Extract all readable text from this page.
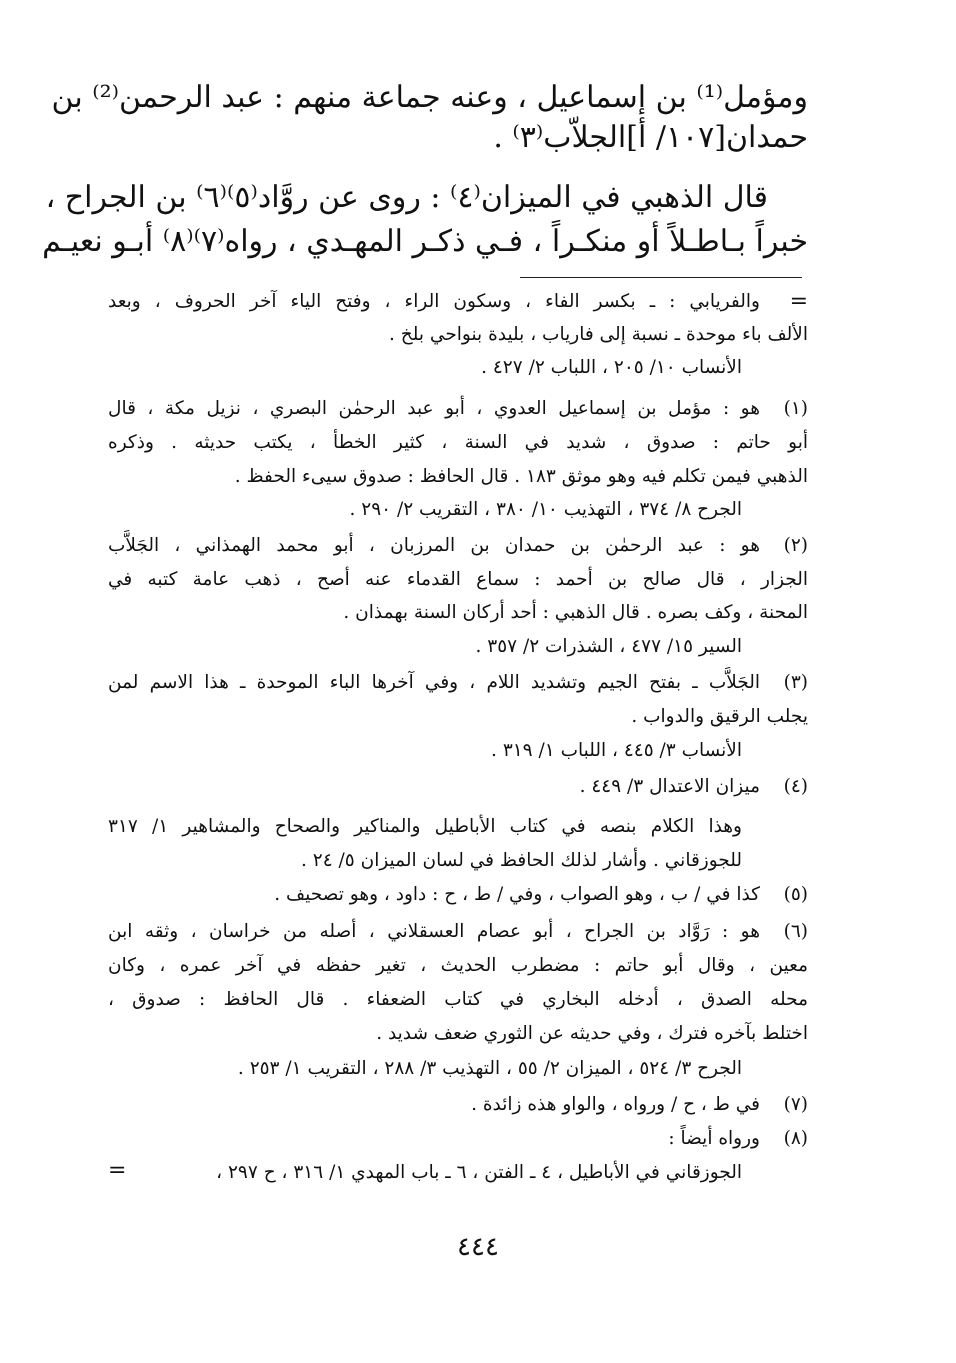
ومؤمل⁽¹⁾ بن إسماعيل ، وعنه جماعة منهم : عبد الرحمن⁽²⁾ بن
حمدان[١٠٧/ أ]الجلاّب⁽٣⁾ .
قال الذهبي في الميزان⁽٤⁾ : روى عن روَّاد⁽٥⁾⁽٦⁾ بن الجراح ،
خبراً بـاطـلاً أو منكـراً ، فـي ذكـر المهـدي ، رواه⁽٧⁾⁽٨⁾ أبـو نعيـم
=
والفريابي : ـ بكسر الفاء ، وسكون الراء ، وفتح الياء آخر الحروف ، وبعد
الألف باء موحدة ـ نسبة إلى فارياب ، بليدة بنواحي بلخ .
الأنساب ١٠/ ٢٠٥ ، اللباب ٢/ ٤٢٧ .
(١)
هو : مؤمل بن إسماعيل العدوي ، أبو عبد الرحمٰن البصري ، نزيل مكة ، قال
أبو حاتم : صدوق ، شديد في السنة ، كثير الخطأ ، يكتب حديثه . وذكره
الذهبي فيمن تكلم فيه وهو موثق ١٨٣ . قال الحافظ : صدوق سيىء الحفظ .
الجرح ٨/ ٣٧٤ ، التهذيب ١٠/ ٣٨٠ ، التقريب ٢/ ٢٩٠ .
(٢)
هو : عبد الرحمٰن بن حمدان بن المرزبان ، أبو محمد الهمذاني ، الجَلاَّب
الجزار ، قال صالح بن أحمد : سماع القدماء عنه أصح ، ذهب عامة كتبه في
المحنة ، وكف بصره . قال الذهبي : أحد أركان السنة بهمذان .
السير ١٥/ ٤٧٧ ، الشذرات ٢/ ٣٥٧ .
(٣)
الجَلاَّب ـ بفتح الجيم وتشديد اللام ، وفي آخرها الباء الموحدة ـ هذا الاسم لمن
يجلب الرقيق والدواب .
الأنساب ٣/ ٤٤٥ ، اللباب ١/ ٣١٩ .
(٤)
ميزان الاعتدال ٣/ ٤٤٩ .
وهذا الكلام بنصه في كتاب الأباطيل والمناكير والصحاح والمشاهير ١/ ٣١٧
للجوزقاني . وأشار لذلك الحافظ في لسان الميزان ٥/ ٢٤ .
(٥)
كذا في / ب ، وهو الصواب ، وفي / ط ، ح : داود ، وهو تصحيف .
(٦)
هو : رَوَّاد بن الجراح ، أبو عصام العسقلاني ، أصله من خراسان ، وثقه ابن
معين ، وقال أبو حاتم : مضطرب الحديث ، تغير حفظه في آخر عمره ، وكان
محله الصدق ، أدخله البخاري في كتاب الضعفاء . قال الحافظ : صدوق ،
اختلط بآخره فترك ، وفي حديثه عن الثوري ضعف شديد .
الجرح ٣/ ٥٢٤ ، الميزان ٢/ ٥٥ ، التهذيب ٣/ ٢٨٨ ، التقريب ١/ ٢٥٣ .
(٧)
في ط ، ح / ورواه ، والواو هذه زائدة .
(٨)
ورواه أيضاً :
الجوزقاني في الأباطيل ، ٤ ـ الفتن ، ٦ ـ باب المهدي ١/ ٣١٦ ، ح ٢٩٧ ،
=
٤٤٤
